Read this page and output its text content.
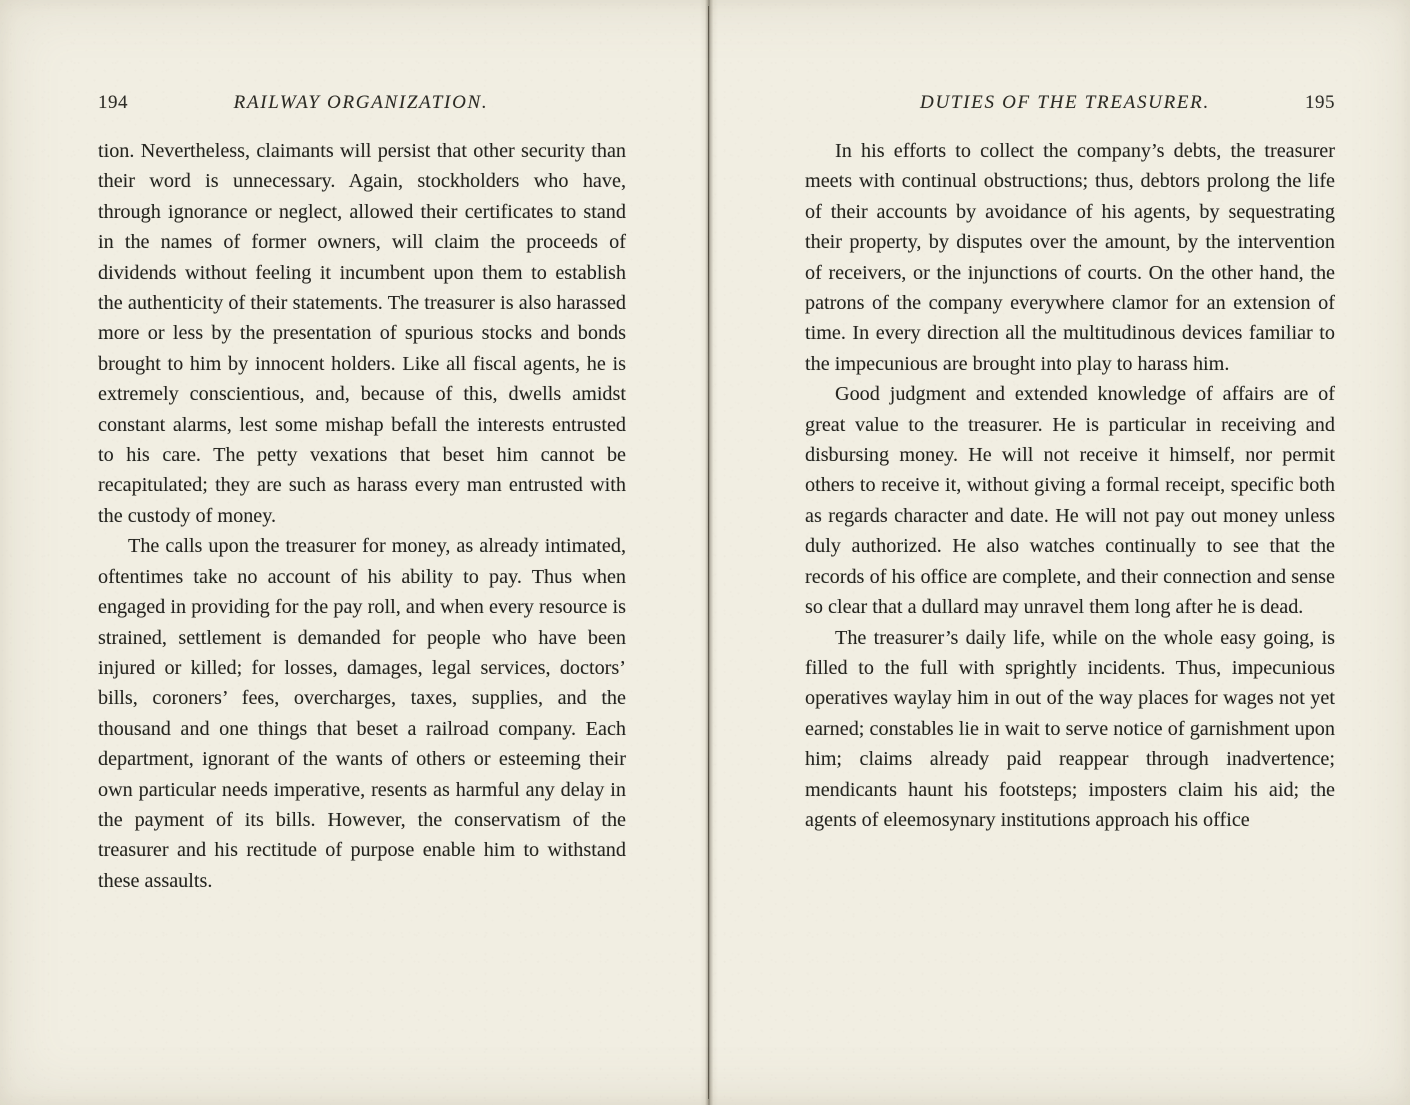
194	RAILWAY ORGANIZATION.

tion. Nevertheless, claimants will persist that other security than their word is unnecessary. Again, stockholders who have, through ignorance or neglect, allowed their certificates to stand in the names of former owners, will claim the proceeds of dividends without feeling it incumbent upon them to establish the authenticity of their statements. The treasurer is also harassed more or less by the presentation of spurious stocks and bonds brought to him by innocent holders. Like all fiscal agents, he is extremely conscientious, and, because of this, dwells amidst constant alarms, lest some mishap befall the interests entrusted to his care. The petty vexations that beset him cannot be recapitulated; they are such as harass every man entrusted with the custody of money.

The calls upon the treasurer for money, as already intimated, oftentimes take no account of his ability to pay. Thus when engaged in providing for the pay roll, and when every resource is strained, settlement is demanded for people who have been injured or killed; for losses, damages, legal services, doctors’ bills, coroners’ fees, overcharges, taxes, supplies, and the thousand and one things that beset a railroad company. Each department, ignorant of the wants of others or esteeming their own particular needs imperative, resents as harmful any delay in the payment of its bills. However, the conservatism of the treasurer and his rectitude of purpose enable him to withstand these assaults.

DUTIES OF THE TREASURER.	195

In his efforts to collect the company’s debts, the treasurer meets with continual obstructions; thus, debtors prolong the life of their accounts by avoidance of his agents, by sequestrating their property, by disputes over the amount, by the intervention of receivers, or the injunctions of courts. On the other hand, the patrons of the company everywhere clamor for an extension of time. In every direction all the multitudinous devices familiar to the impecunious are brought into play to harass him.

Good judgment and extended knowledge of affairs are of great value to the treasurer. He is particular in receiving and disbursing money. He will not receive it himself, nor permit others to receive it, without giving a formal receipt, specific both as regards character and date. He will not pay out money unless duly authorized. He also watches continually to see that the records of his office are complete, and their connection and sense so clear that a dullard may unravel them long after he is dead.

The treasurer’s daily life, while on the whole easy going, is filled to the full with sprightly incidents. Thus, impecunious operatives waylay him in out of the way places for wages not yet earned; constables lie in wait to serve notice of garnishment upon him; claims already paid reappear through inadvertence; mendicants haunt his footsteps; imposters claim his aid; the agents of eleemosynary institutions approach his office
